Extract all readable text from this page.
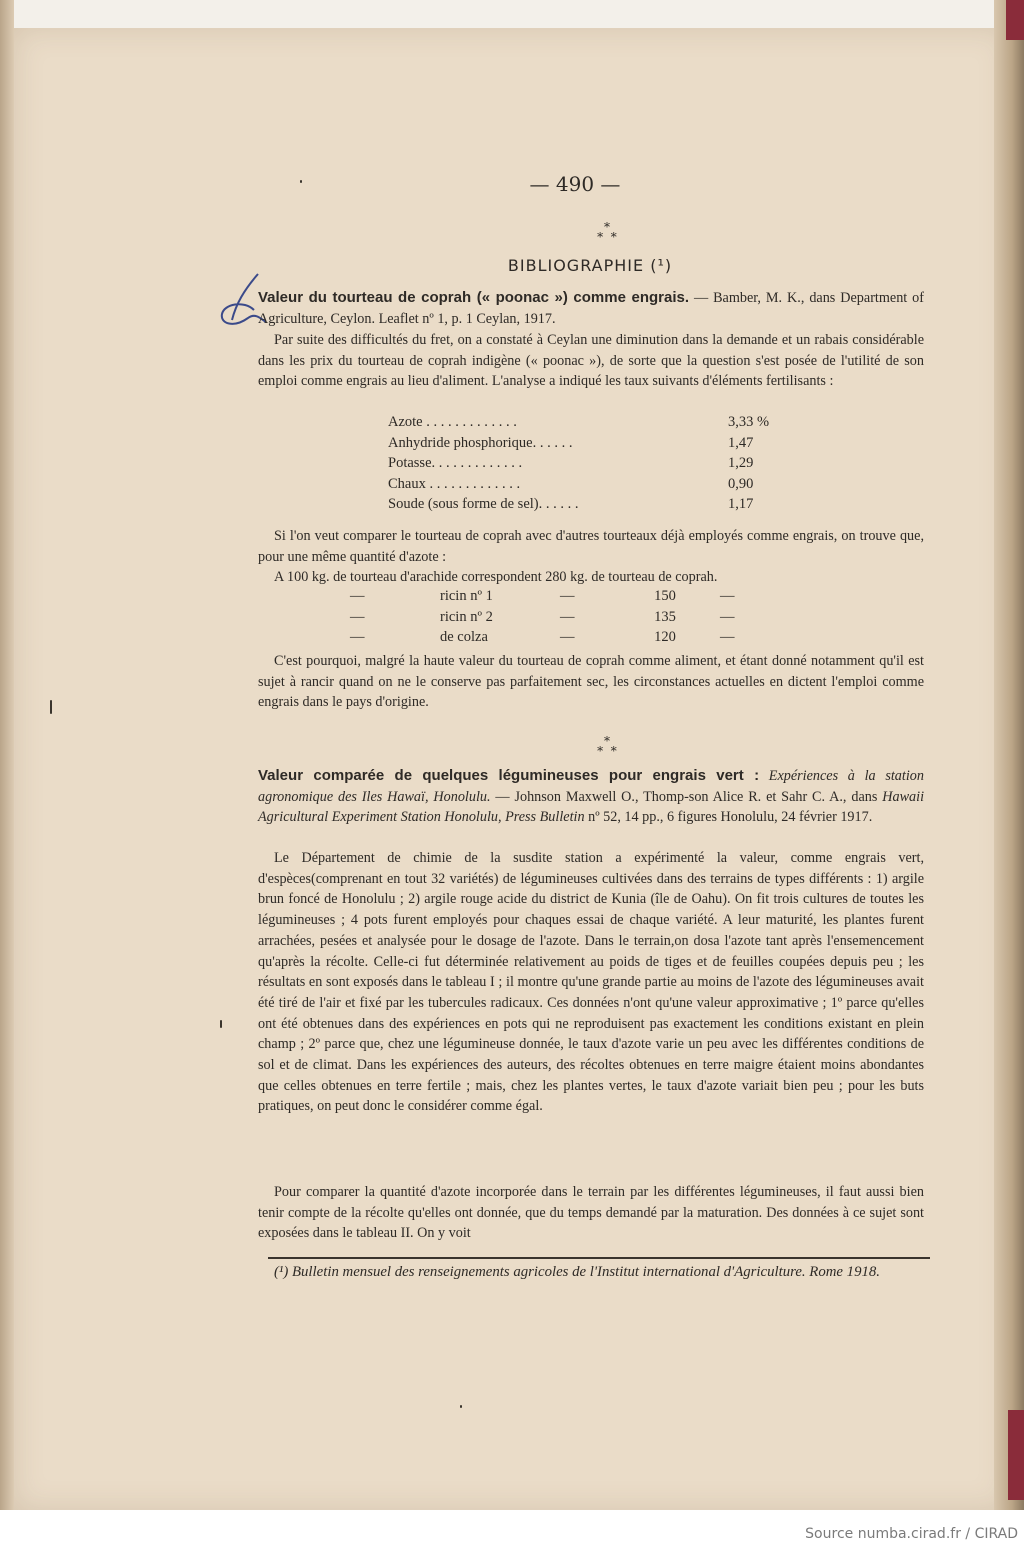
— 490 —
*
*  *
BIBLIOGRAPHIE (¹)
Valeur du tourteau de coprah (« poonac ») comme engrais. — Bamber, M. K., dans Department of Agriculture, Ceylon. Leaflet nº 1, p. 1 Ceylan, 1917.
Par suite des difficultés du fret, on a constaté à Ceylan une diminution dans la demande et un rabais considérable dans les prix du tourteau de coprah indigène (« poonac »), de sorte que la question s'est posée de l'utilité de son emploi comme engrais au lieu d'aliment. L'analyse a indiqué les taux suivants d'éléments fertilisants :
Azote . . . . . . . . . . . . .	3,33 %
Anhydride phosphorique. . . . . .	1,47
Potasse. . . . . . . . . . . . .	1,29
Chaux . . . . . . . . . . . . .	0,90
Soude (sous forme de sel). . . . . .	1,17
Si l'on veut comparer le tourteau de coprah avec d'autres tourteaux déjà employés comme engrais, on trouve que, pour une même quantité d'azote :
A 100 kg. de tourteau d'arachide correspondent 280 kg. de tourteau de coprah.
—	ricin nº 1	—	150	—
—	ricin nº 2	—	135	—
—	de colza	—	120	—
C'est pourquoi, malgré la haute valeur du tourteau de coprah comme aliment, et étant donné notamment qu'il est sujet à rancir quand on ne le conserve pas parfaitement sec, les circonstances actuelles en dictent l'emploi comme engrais dans le pays d'origine.
*
*  *
Valeur comparée de quelques légumineuses pour engrais vert : Expériences à la station agronomique des Iles Hawaï, Honolulu. — Johnson Maxwell O., Thomp-son Alice R. et Sahr C. A., dans Hawaii Agricultural Experiment Station Honolulu, Press Bulletin nº 52, 14 pp., 6 figures Honolulu, 24 février 1917.
Le Département de chimie de la susdite station a expérimenté la valeur, comme engrais vert, d'espèces(comprenant en tout 32 variétés) de légumineuses cultivées dans des terrains de types différents : 1) argile brun foncé de Honolulu ; 2) argile rouge acide du district de Kunia (île de Oahu). On fit trois cultures de toutes les légumineuses ; 4 pots furent employés pour chaques essai de chaque variété. A leur maturité, les plantes furent arrachées, pesées et analysée pour le dosage de l'azote. Dans le terrain,on dosa l'azote tant après l'ensemencement qu'après la récolte. Celle-ci fut déterminée relativement au poids de tiges et de feuilles coupées depuis peu ; les résultats en sont exposés dans le tableau I ; il montre qu'une grande partie au moins de l'azote des légumineuses avait été tiré de l'air et fixé par les tubercules radicaux. Ces données n'ont qu'une valeur approximative ; 1º parce qu'elles ont été obtenues dans des expériences en pots qui ne reproduisent pas exactement les conditions existant en plein champ ; 2º parce que, chez une légumineuse donnée, le taux d'azote varie un peu avec les différentes conditions de sol et de climat. Dans les expériences des auteurs, des récoltes obtenues en terre maigre étaient moins abondantes que celles obtenues en terre fertile ; mais, chez les plantes vertes, le taux d'azote variait bien peu ; pour les buts pratiques, on peut donc le considérer comme égal.
Pour comparer la quantité d'azote incorporée dans le terrain par les différentes légumineuses, il faut aussi bien tenir compte de la récolte qu'elles ont donnée, que du temps demandé par la maturation. Des données à ce sujet sont exposées dans le tableau II. On y voit
(¹) Bulletin mensuel des renseignements agricoles de l'Institut international d'Agriculture. Rome 1918.
Source numba.cirad.fr / CIRAD
